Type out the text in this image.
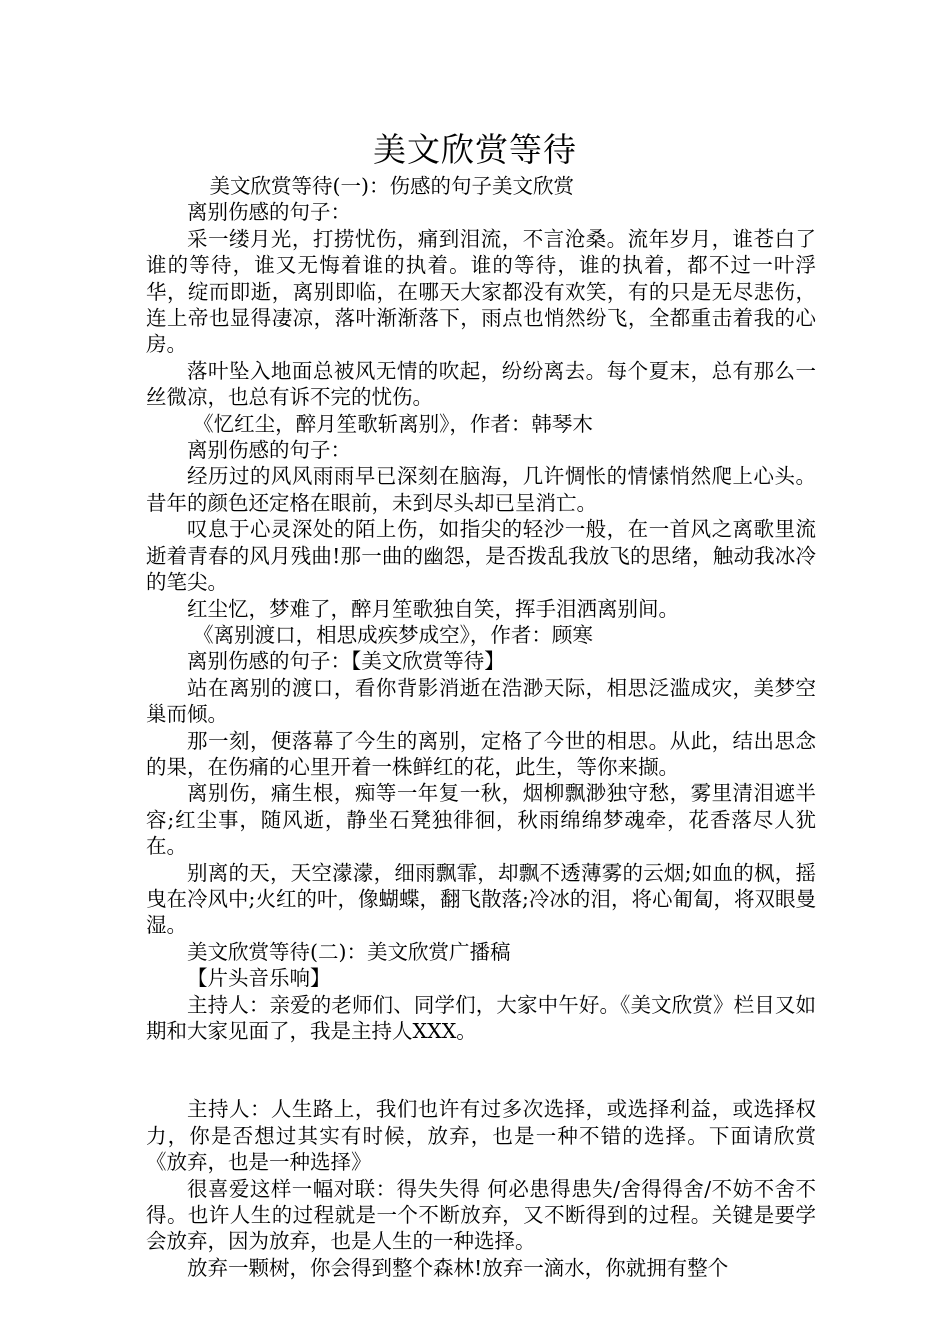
美文欣赏等待

美文欣赏等待(一)：伤感的句子美文欣赏

离别伤感的句子：

采一缕月光，打捞忧伤，痛到泪流，不言沧桑。流年岁月，谁苍白了谁的等待，谁又无悔着谁的执着。谁的等待，谁的执着，都不过一叶浮华，绽而即逝，离别即临，在哪天大家都没有欢笑，有的只是无尽悲伤，连上帝也显得凄凉，落叶渐渐落下，雨点也悄然纷飞，全都重击着我的心房。

落叶坠入地面总被风无情的吹起，纷纷离去。每个夏末，总有那么一丝微凉，也总有诉不完的忧伤。

《忆红尘，醉月笙歌斩离别》，作者：韩琴木

离别伤感的句子：

经历过的风风雨雨早已深刻在脑海，几许惆怅的情愫悄然爬上心头。昔年的颜色还定格在眼前，未到尽头却已呈消亡。

叹息于心灵深处的陌上伤，如指尖的轻沙一般，在一首风之离歌里流逝着青春的风月残曲!那一曲的幽怨，是否拨乱我放飞的思绪，触动我冰冷的笔尖。

红尘忆，梦难了，醉月笙歌独自笑，挥手泪洒离别间。

《离别渡口，相思成疾梦成空》，作者：顾寒

离别伤感的句子：【美文欣赏等待】

站在离别的渡口，看你背影消逝在浩渺天际，相思泛滥成灾，美梦空巢而倾。

那一刻，便落幕了今生的离别，定格了今世的相思。从此，结出思念的果，在伤痛的心里开着一株鲜红的花，此生，等你来撷。

离别伤，痛生根，痴等一年复一秋，烟柳飘渺独守愁，雾里清泪遮半容;红尘事，随风逝，静坐石凳独徘徊，秋雨绵绵梦魂牵，花香落尽人犹在。

别离的天，天空濛濛，细雨飘霏，却飘不透薄雾的云烟;如血的枫，摇曳在冷风中;火红的叶，像蝴蝶，翻飞散落;冷冰的泪，将心匍匐，将双眼曼湿。

美文欣赏等待(二)：美文欣赏广播稿

【片头音乐响】

主持人：亲爱的老师们、同学们，大家中午好。《美文欣赏》栏目又如期和大家见面了，我是主持人XXX。

主持人：人生路上，我们也许有过多次选择，或选择利益，或选择权力，你是否想过其实有时候，放弃，也是一种不错的选择。下面请欣赏《放弃，也是一种选择》

很喜爱这样一幅对联：得失失得 何必患得患失/舍得得舍/不妨不舍不得。也许人生的过程就是一个不断放弃，又不断得到的过程。关键是要学会放弃，因为放弃，也是人生的一种选择。

放弃一颗树，你会得到整个森林!放弃一滴水，你就拥有整个
